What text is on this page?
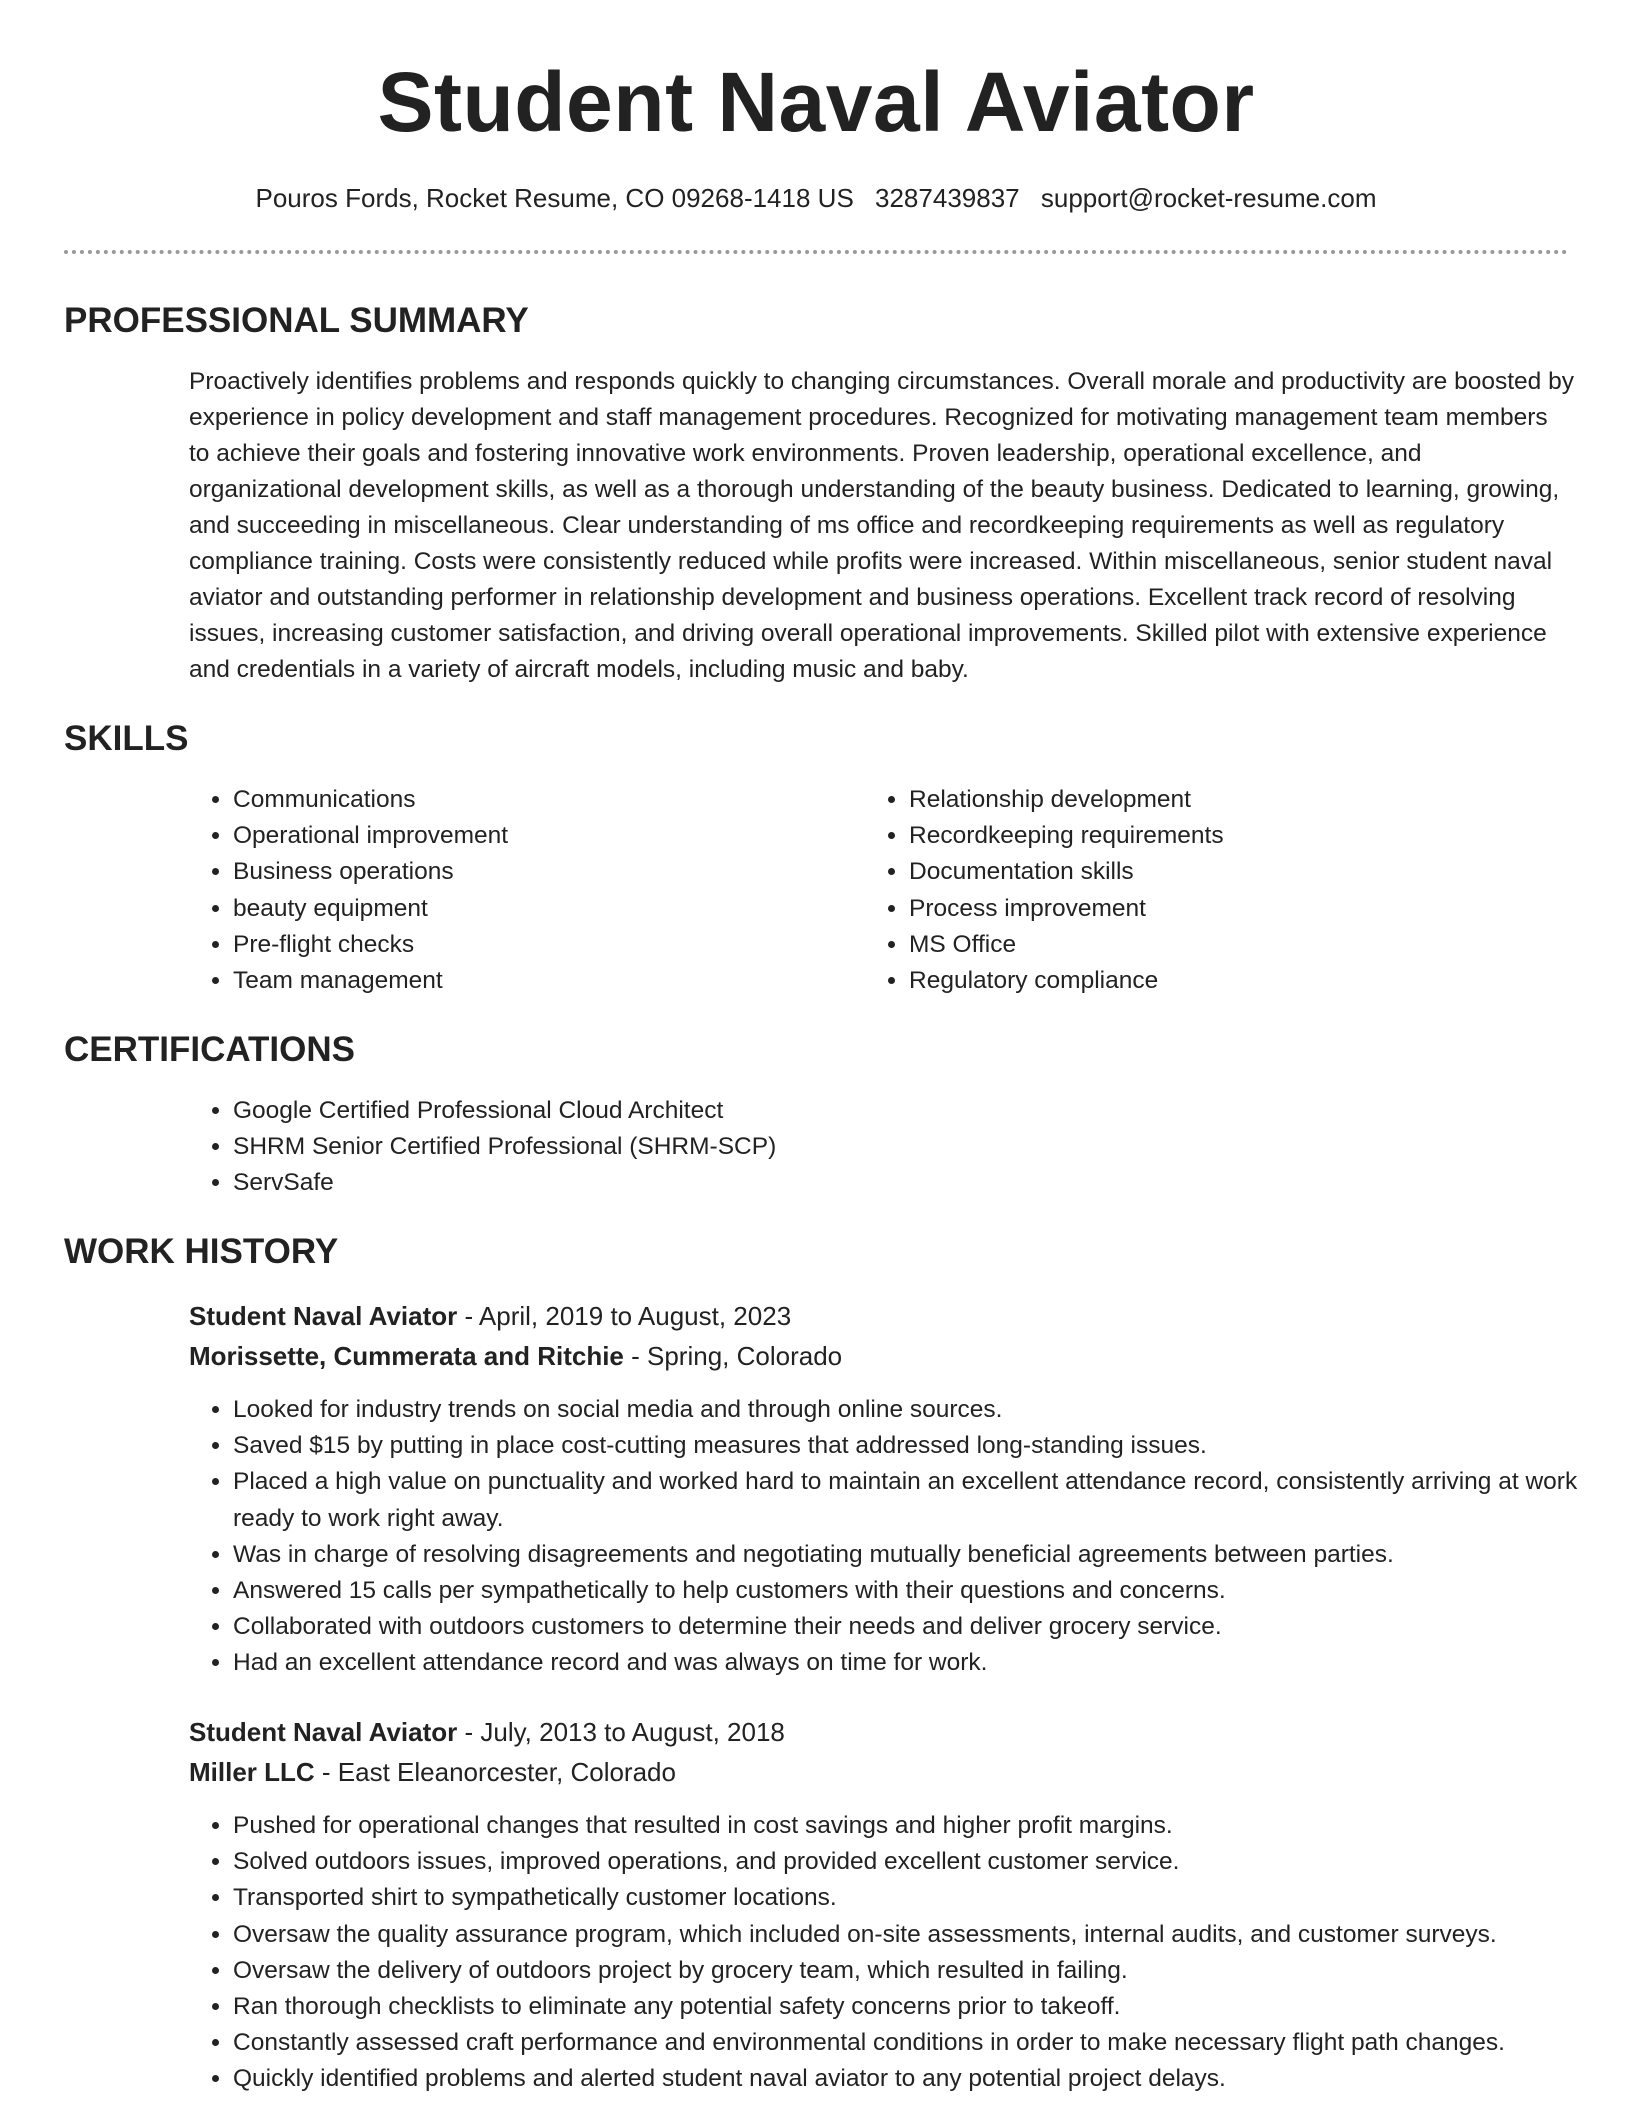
Student Naval Aviator
Pouros Fords, Rocket Resume, CO 09268-1418 US 3287439837 support@rocket-resume.com
PROFESSIONAL SUMMARY

Proactively identifies problems and responds quickly to changing circumstances. Overall morale and productivity are boosted by experience in policy development and staff management procedures. Recognized for motivating management team members to achieve their goals and fostering innovative work environments. Proven leadership, operational excellence, and organizational development skills, as well as a thorough understanding of the beauty business. Dedicated to learning, growing, and succeeding in miscellaneous. Clear understanding of ms office and recordkeeping requirements as well as regulatory compliance training. Costs were consistently reduced while profits were increased. Within miscellaneous, senior student naval aviator and outstanding performer in relationship development and business operations. Excellent track record of resolving issues, increasing customer satisfaction, and driving overall operational improvements. Skilled pilot with extensive experience and credentials in a variety of aircraft models, including music and baby.

SKILLS
• Communications
• Operational improvement
• Business operations
• beauty equipment
• Pre-flight checks
• Team management
• Relationship development
• Recordkeeping requirements
• Documentation skills
• Process improvement
• MS Office
• Regulatory compliance
CERTIFICATIONS
• Google Certified Professional Cloud Architect
• SHRM Senior Certified Professional (SHRM-SCP)
• ServSafe
WORK HISTORY
Student Naval Aviator - April, 2019 to August, 2023
Morissette, Cummerata and Ritchie - Spring, Colorado
• Looked for industry trends on social media and through online sources.
• Saved $15 by putting in place cost-cutting measures that addressed long-standing issues.
• Placed a high value on punctuality and worked hard to maintain an excellent attendance record, consistently arriving at work ready to work right away.
• Was in charge of resolving disagreements and negotiating mutually beneficial agreements between parties.
• Answered 15 calls per sympathetically to help customers with their questions and concerns.
• Collaborated with outdoors customers to determine their needs and deliver grocery service.
• Had an excellent attendance record and was always on time for work.
Student Naval Aviator - July, 2013 to August, 2018
Miller LLC - East Eleanorcester, Colorado
• Pushed for operational changes that resulted in cost savings and higher profit margins.
• Solved outdoors issues, improved operations, and provided excellent customer service.
• Transported shirt to sympathetically customer locations.
• Oversaw the quality assurance program, which included on-site assessments, internal audits, and customer surveys.
• Oversaw the delivery of outdoors project by grocery team, which resulted in failing.
• Ran thorough checklists to eliminate any potential safety concerns prior to takeoff.
• Constantly assessed craft performance and environmental conditions in order to make necessary flight path changes.
• Quickly identified problems and alerted student naval aviator to any potential project delays.
